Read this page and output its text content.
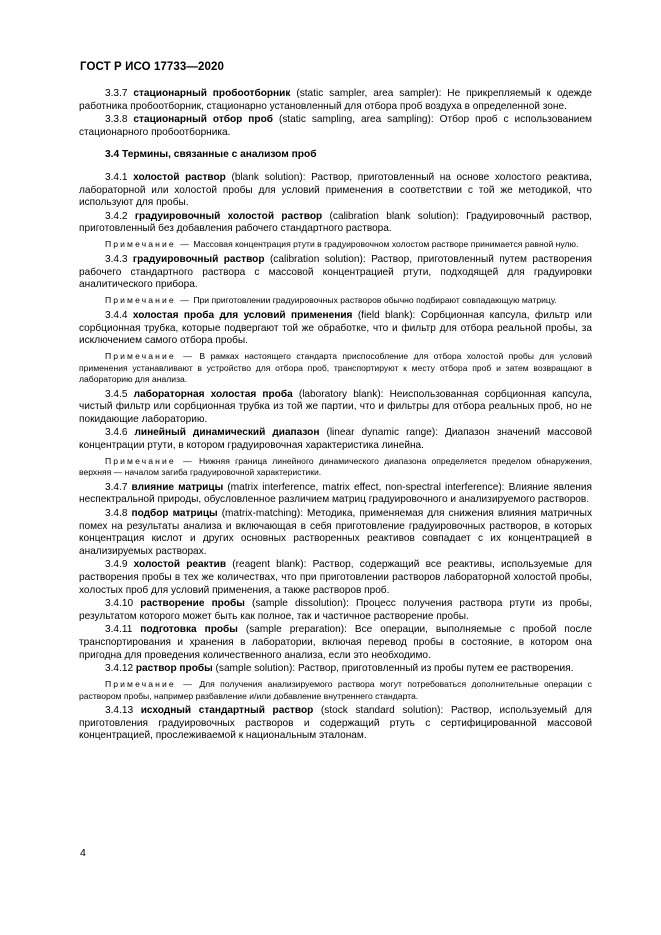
ГОСТ Р ИСО 17733—2020

3.3.7 стационарный пробоотборник (static sampler, area sampler): Не прикрепляемый к одежде работника пробоотборник, стационарно установленный для отбора проб воздуха в определенной зоне.

3.3.8 стационарный отбор проб (static sampling, area sampling): Отбор проб с использованием стационарного пробоотборника.

3.4 Термины, связанные с анализом проб

3.4.1 холостой раствор (blank solution): Раствор, приготовленный на основе холостого реактива, лабораторной или холостой пробы для условий применения в соответствии с той же методикой, что используют для пробы.

3.4.2 градуировочный холостой раствор (calibration blank solution): Градуировочный раствор, приготовленный без добавления рабочего стандартного раствора.

Примечание — Массовая концентрация ртути в градуировочном холостом растворе принимается равной нулю.

3.4.3 градуировочный раствор (calibration solution): Раствор, приготовленный путем растворения рабочего стандартного раствора с массовой концентрацией ртути, подходящей для градуировки аналитического прибора.

Примечание — При приготовлении градуировочных растворов обычно подбирают совпадающую матрицу.

3.4.4 холостая проба для условий применения (field blank): Сорбционная капсула, фильтр или сорбционная трубка, которые подвергают той же обработке, что и фильтр для отбора реальной пробы, за исключением самого отбора пробы.

Примечание — В рамках настоящего стандарта приспособление для отбора холостой пробы для условий применения устанавливают в устройство для отбора проб, транспортируют к месту отбора проб и затем возвращают в лабораторию для анализа.

3.4.5 лабораторная холостая проба (laboratory blank): Неиспользованная сорбционная капсула, чистый фильтр или сорбционная трубка из той же партии, что и фильтры для отбора реальных проб, но не покидающие лабораторию.

3.4.6 линейный динамический диапазон (linear dynamic range): Диапазон значений массовой концентрации ртути, в котором градуировочная характеристика линейна.

Примечание — Нижняя граница линейного динамического диапазона определяется пределом обнаружения, верхняя — началом загиба градуировочной характеристики.

3.4.7 влияние матрицы (matrix interference, matrix effect, non-spectral interference): Влияние явления неспектральной природы, обусловленное различием матриц градуировочного и анализируемого растворов.

3.4.8 подбор матрицы (matrix-matching): Методика, применяемая для снижения влияния матричных помех на результаты анализа и включающая в себя приготовление градуировочных растворов, в которых концентрация кислот и других основных растворенных реактивов совпадает с их концентрацией в анализируемых растворах.

3.4.9 холостой реактив (reagent blank): Раствор, содержащий все реактивы, используемые для растворения пробы в тех же количествах, что при приготовлении растворов лабораторной холостой пробы, холостых проб для условий применения, а также растворов проб.

3.4.10 растворение пробы (sample dissolution): Процесс получения раствора ртути из пробы, результатом которого может быть как полное, так и частичное растворение пробы.

3.4.11 подготовка пробы (sample preparation): Все операции, выполняемые с пробой после транспортирования и хранения в лаборатории, включая перевод пробы в состояние, в котором она пригодна для проведения количественного анализа, если это необходимо.

3.4.12 раствор пробы (sample solution): Раствор, приготовленный из пробы путем ее растворения.

Примечание — Для получения анализируемого раствора могут потребоваться дополнительные операции с раствором пробы, например разбавление и/или добавление внутреннего стандарта.

3.4.13 исходный стандартный раствор (stock standard solution): Раствор, используемый для приготовления градуировочных растворов и содержащий ртуть с сертифицированной массовой концентрацией, прослеживаемой к национальным эталонам.

4
